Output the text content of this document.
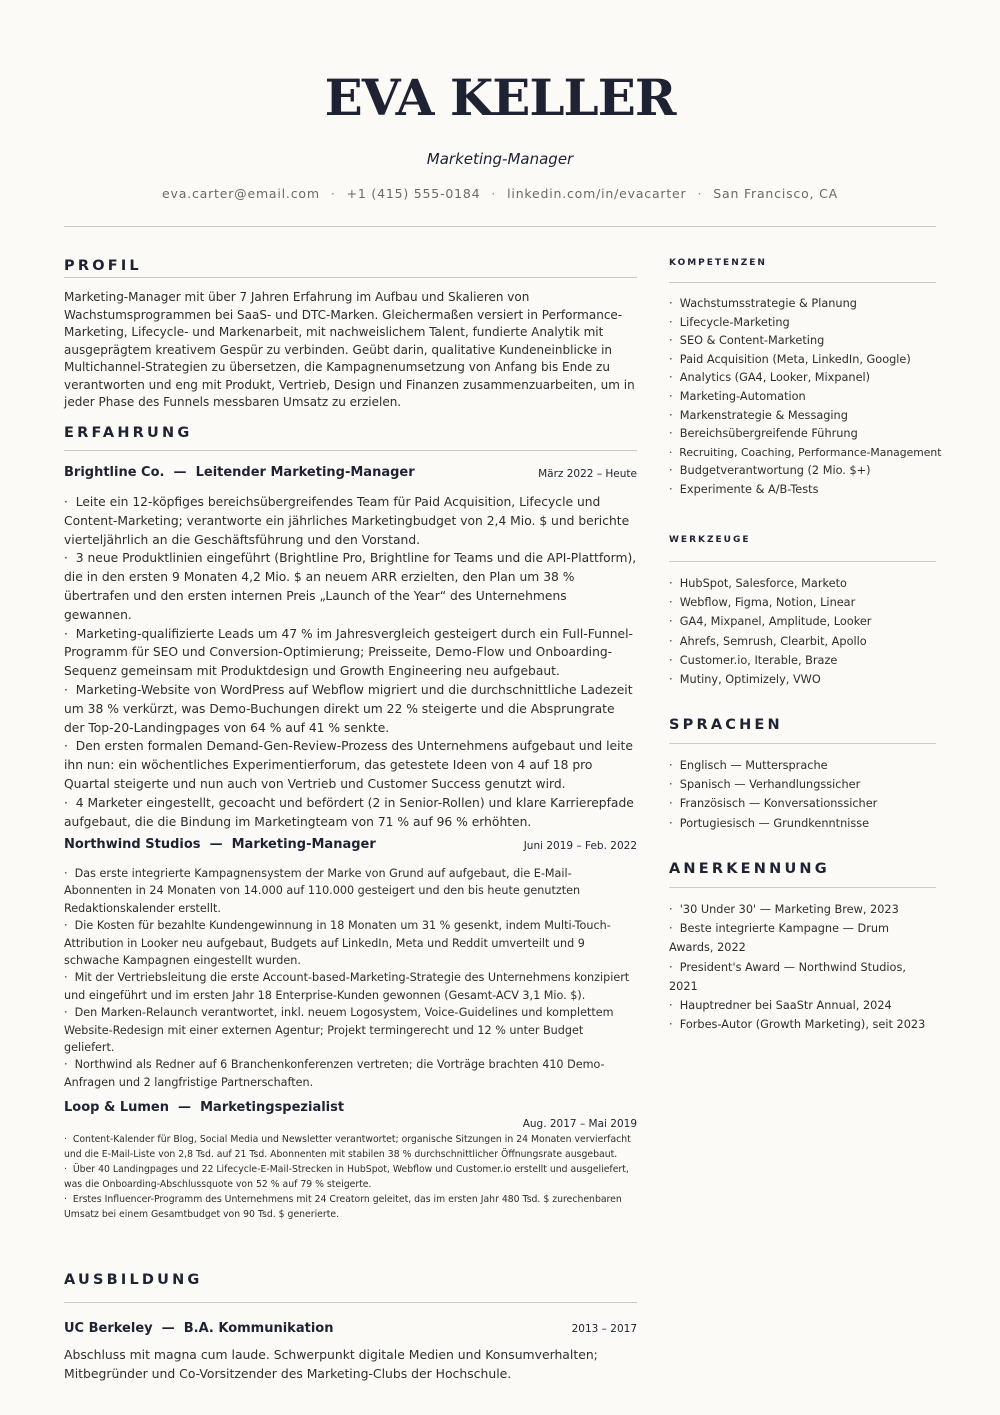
EVA KELLER
Marketing-Manager
eva.carter@email.com · +1 (415) 555-0184 · linkedin.com/in/evacarter · San Francisco, CA
PROFIL
Marketing-Manager mit über 7 Jahren Erfahrung im Aufbau und Skalieren von Wachstumsprogrammen bei SaaS- und DTC-Marken. Gleichermaßen versiert in Performance-Marketing, Lifecycle- und Markenarbeit, mit nachweislichem Talent, fundierte Analytik mit ausgeprägtem kreativem Gespür zu verbinden. Geübt darin, qualitative Kundeneinblicke in Multichannel-Strategien zu übersetzen, die Kampagnenumsetzung von Anfang bis Ende zu verantworten und eng mit Produkt, Vertrieb, Design und Finanzen zusammenzuarbeiten, um in jeder Phase des Funnels messbaren Umsatz zu erzielen.
ERFAHRUNG
Brightline Co.  —  Leitender Marketing-Manager	März 2022 – Heute
·  Leite ein 12-köpfiges bereichsübergreifendes Team für Paid Acquisition, Lifecycle und Content-Marketing; verantworte ein jährliches Marketingbudget von 2,4 Mio. $ und berichte vierteljährlich an die Geschäftsführung und den Vorstand.
·  3 neue Produktlinien eingeführt (Brightline Pro, Brightline for Teams und die API-Plattform), die in den ersten 9 Monaten 4,2 Mio. $ an neuem ARR erzielten, den Plan um 38 % übertrafen und den ersten internen Preis „Launch of the Year“ des Unternehmens gewannen.
·  Marketing-qualifizierte Leads um 47 % im Jahresvergleich gesteigert durch ein Full-Funnel-Programm für SEO und Conversion-Optimierung; Preisseite, Demo-Flow und Onboarding-Sequenz gemeinsam mit Produktdesign und Growth Engineering neu aufgebaut.
·  Marketing-Website von WordPress auf Webflow migriert und die durchschnittliche Ladezeit um 38 % verkürzt, was Demo-Buchungen direkt um 22 % steigerte und die Absprungrate der Top-20-Landingpages von 64 % auf 41 % senkte.
·  Den ersten formalen Demand-Gen-Review-Prozess des Unternehmens aufgebaut und leite ihn nun: ein wöchentliches Experimentierforum, das getestete Ideen von 4 auf 18 pro Quartal steigerte und nun auch von Vertrieb und Customer Success genutzt wird.
·  4 Marketer eingestellt, gecoacht und befördert (2 in Senior-Rollen) und klare Karrierepfade aufgebaut, die die Bindung im Marketingteam von 71 % auf 96 % erhöhten.
Northwind Studios  —  Marketing-Manager	Juni 2019 – Feb. 2022
·  Das erste integrierte Kampagnensystem der Marke von Grund auf aufgebaut, die E-Mail-Abonnenten in 24 Monaten von 14.000 auf 110.000 gesteigert und den bis heute genutzten Redaktionskalender erstellt.
·  Die Kosten für bezahlte Kundengewinnung in 18 Monaten um 31 % gesenkt, indem Multi-Touch-Attribution in Looker neu aufgebaut, Budgets auf LinkedIn, Meta und Reddit umverteilt und 9 schwache Kampagnen eingestellt wurden.
·  Mit der Vertriebsleitung die erste Account-based-Marketing-Strategie des Unternehmens konzipiert und eingeführt und im ersten Jahr 18 Enterprise-Kunden gewonnen (Gesamt-ACV 3,1 Mio. $).
·  Den Marken-Relaunch verantwortet, inkl. neuem Logosystem, Voice-Guidelines und komplettem Website-Redesign mit einer externen Agentur; Projekt termingerecht und 12 % unter Budget geliefert.
·  Northwind als Redner auf 6 Branchenkonferenzen vertreten; die Vorträge brachten 410 Demo-Anfragen und 2 langfristige Partnerschaften.
Loop & Lumen  —  Marketingspezialist
Aug. 2017 – Mai 2019
·  Content-Kalender für Blog, Social Media und Newsletter verantwortet; organische Sitzungen in 24 Monaten vervierfacht und die E-Mail-Liste von 2,8 Tsd. auf 21 Tsd. Abonnenten mit stabilen 38 % durchschnittlicher Öffnungsrate ausgebaut.
·  Über 40 Landingpages und 22 Lifecycle-E-Mail-Strecken in HubSpot, Webflow und Customer.io erstellt und ausgeliefert, was die Onboarding-Abschlussquote von 52 % auf 79 % steigerte.
·  Erstes Influencer-Programm des Unternehmens mit 24 Creatorn geleitet, das im ersten Jahr 480 Tsd. $ zurechenbaren Umsatz bei einem Gesamtbudget von 90 Tsd. $ generierte.
AUSBILDUNG
UC Berkeley  —  B.A. Kommunikation	2013 – 2017
Abschluss mit magna cum laude. Schwerpunkt digitale Medien und Konsumverhalten; Mitbegründer und Co-Vorsitzender des Marketing-Clubs der Hochschule.
KOMPETENZEN
·  Wachstumsstrategie & Planung
·  Lifecycle-Marketing
·  SEO & Content-Marketing
·  Paid Acquisition (Meta, LinkedIn, Google)
·  Analytics (GA4, Looker, Mixpanel)
·  Marketing-Automation
·  Markenstrategie & Messaging
·  Bereichsübergreifende Führung
·  Recruiting, Coaching, Performance-Management
·  Budgetverantwortung (2 Mio. $+)
·  Experimente & A/B-Tests
WERKZEUGE
·  HubSpot, Salesforce, Marketo
·  Webflow, Figma, Notion, Linear
·  GA4, Mixpanel, Amplitude, Looker
·  Ahrefs, Semrush, Clearbit, Apollo
·  Customer.io, Iterable, Braze
·  Mutiny, Optimizely, VWO
SPRACHEN
·  Englisch — Muttersprache
·  Spanisch — Verhandlungssicher
·  Französisch — Konversationssicher
·  Portugiesisch — Grundkenntnisse
ANERKENNUNG
·  '30 Under 30' — Marketing Brew, 2023
·  Beste integrierte Kampagne — Drum Awards, 2022
·  President's Award — Northwind Studios, 2021
·  Hauptredner bei SaaStr Annual, 2024
·  Forbes-Autor (Growth Marketing), seit 2023
